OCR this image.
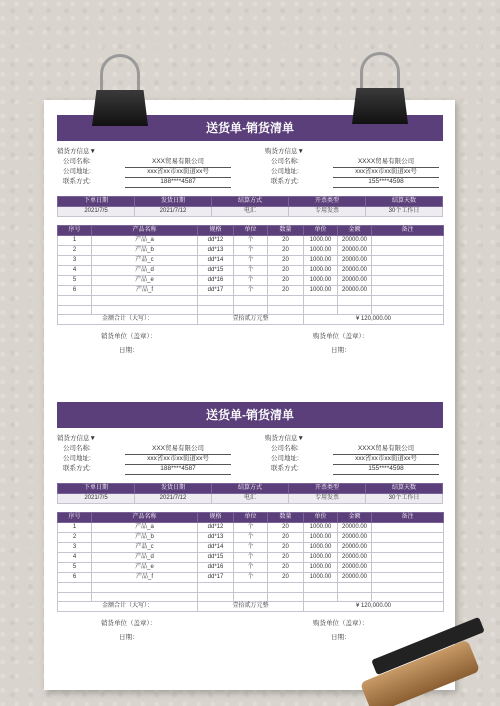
送货单-销货清单
销货方信息▼
公司名称:	XXX贸易有限公司
公司地址:	xxx省xx市xx街道xx号
联系方式:	188****4587
购货方信息▼
公司名称:	XXXX贸易有限公司
公司地址:	xxx省xx市xx街道xx号
联系方式:	155****4598
下单日期	发货日期	结算方式	开票类型	结算天数
2021/7/5	2021/7/12	电汇	专用发票	30个工作日
序号	产品名称	规格	单位	数量	单价	金额	备注
1	产品_a	dd*12	个	20	1000.00	20000.00	
2	产品_b	dd*13	个	20	1000.00	20000.00	
3	产品_c	dd*14	个	20	1000.00	20000.00	
4	产品_d	dd*15	个	20	1000.00	20000.00	
5	产品_e	dd*16	个	20	1000.00	20000.00	
6	产品_f	dd*17	个	20	1000.00	20000.00	

金额合计（大写）：		壹拾贰万元整			¥ 120,000.00		
销货单位（盖章）：	购货单位（盖章）：
日期：	日期：
送货单-销货清单
销货方信息▼
公司名称:	XXX贸易有限公司
公司地址:	xxx省xx市xx街道xx号
联系方式:	188****4587
购货方信息▼
公司名称:	XXXX贸易有限公司
公司地址:	xxx省xx市xx街道xx号
联系方式:	155****4598
下单日期	发货日期	结算方式	开票类型	结算天数
2021/7/5	2021/7/12	电汇	专用发票	30个工作日
序号	产品名称	规格	单位	数量	单价	金额	备注
1	产品_a	dd*12	个	20	1000.00	20000.00	
2	产品_b	dd*13	个	20	1000.00	20000.00	
3	产品_c	dd*14	个	20	1000.00	20000.00	
4	产品_d	dd*15	个	20	1000.00	20000.00	
5	产品_e	dd*16	个	20	1000.00	20000.00	
6	产品_f	dd*17	个	20	1000.00	20000.00	

金额合计（大写）：		壹拾贰万元整			¥ 120,000.00		
销货单位（盖章）：	购货单位（盖章）：
日期：	日期：
